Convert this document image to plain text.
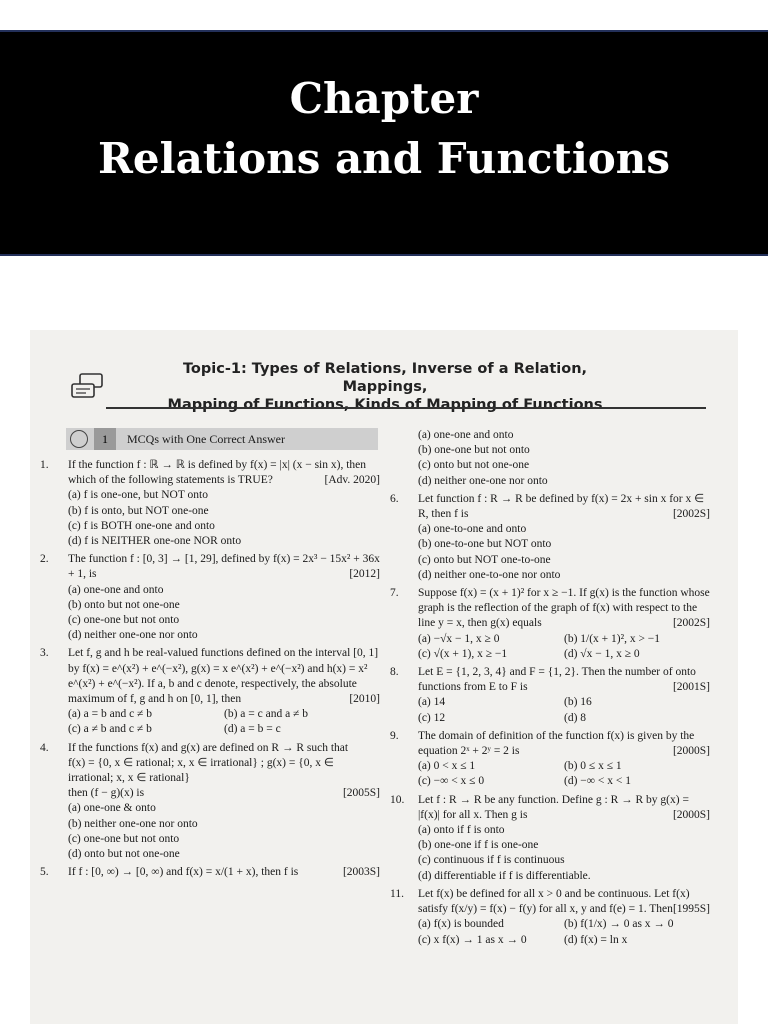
Chapter
Relations and Functions
Topic-1: Types of Relations, Inverse of a Relation, Mappings,
Mapping of Functions, Kinds of Mapping of Functions
1 MCQs with One Correct Answer
1. If the function f : ℝ → ℝ is defined by f(x) = |x| (x − sin x), then which of the following statements is TRUE?	[Adv. 2020]

(a) f is one-one, but NOT onto
(b) f is onto, but NOT one-one
(c) f is BOTH one-one and onto
(d) f is NEITHER one-one NOR onto
2. The function f : [0, 3] → [1, 29], defined by f(x) = 2x³ − 15x² + 36x + 1, is	[2012]

(a) one-one and onto
(b) onto but not one-one
(c) one-one but not onto
(d) neither one-one nor onto
3. Let f, g and h be real-valued functions defined on the interval [0, 1] by f(x) = e^(x²) + e^(−x²), g(x) = x e^(x²) + e^(−x²) and h(x) = x² e^(x²) + e^(−x²). If a, b and c denote, respectively, the absolute maximum of f, g and h on [0, 1], then	[2010]

(a) a = b and c ≠ b	(b) a = c and a ≠ b
(c) a ≠ b and c ≠ b	(d) a = b = c
4. If the functions f(x) and g(x) are defined on R → R such that

f(x) = {0, x ∈ rational; x, x ∈ irrational} ; g(x) = {0, x ∈ irrational; x, x ∈ rational}

then (f − g)(x) is	[2005S]

(a) one-one & onto
(b) neither one-one nor onto
(c) one-one but not onto
(d) onto but not one-one
5. If f : [0, ∞) → [0, ∞) and f(x) = x/(1 + x), then f is	[2003S]

(a) one-one and onto
(b) one-one but not onto
(c) onto but not one-one
(d) neither one-one nor onto
6. Let function f : R → R be defined by f(x) = 2x + sin x for x ∈ R, then f is	[2002S]

(a) one-to-one and onto
(b) one-to-one but NOT onto
(c) onto but NOT one-to-one
(d) neither one-to-one nor onto
7. Suppose f(x) = (x + 1)² for x ≥ −1. If g(x) is the function whose graph is the reflection of the graph of f(x) with respect to the line y = x, then g(x) equals	[2002S]

(a) −√x − 1, x ≥ 0	(b) 1/(x + 1)², x > −1
(c) √(x + 1), x ≥ −1	(d) √x − 1, x ≥ 0
8. Let E = {1, 2, 3, 4} and F = {1, 2}. Then the number of onto functions from E to F is	[2001S]

(a) 14	(b) 16
(c) 12	(d) 8
9. The domain of definition of the function f(x) is given by the equation 2ˣ + 2ʸ = 2 is	[2000S]

(a) 0 < x ≤ 1	(b) 0 ≤ x ≤ 1
(c) −∞ < x ≤ 0	(d) −∞ < x < 1
10. Let f : R → R be any function. Define g : R → R by g(x) = |f(x)| for all x. Then g is	[2000S]

(a) onto if f is onto
(b) one-one if f is one-one
(c) continuous if f is continuous
(d) differentiable if f is differentiable.
11. Let f(x) be defined for all x > 0 and be continuous. Let f(x) satisfy f(x/y) = f(x) − f(y) for all x, y and f(e) = 1. Then [1995S]

(a) f(x) is bounded	(b) f(1/x) → 0 as x → 0
(c) x f(x) → 1 as x → 0	(d) f(x) = ln x
